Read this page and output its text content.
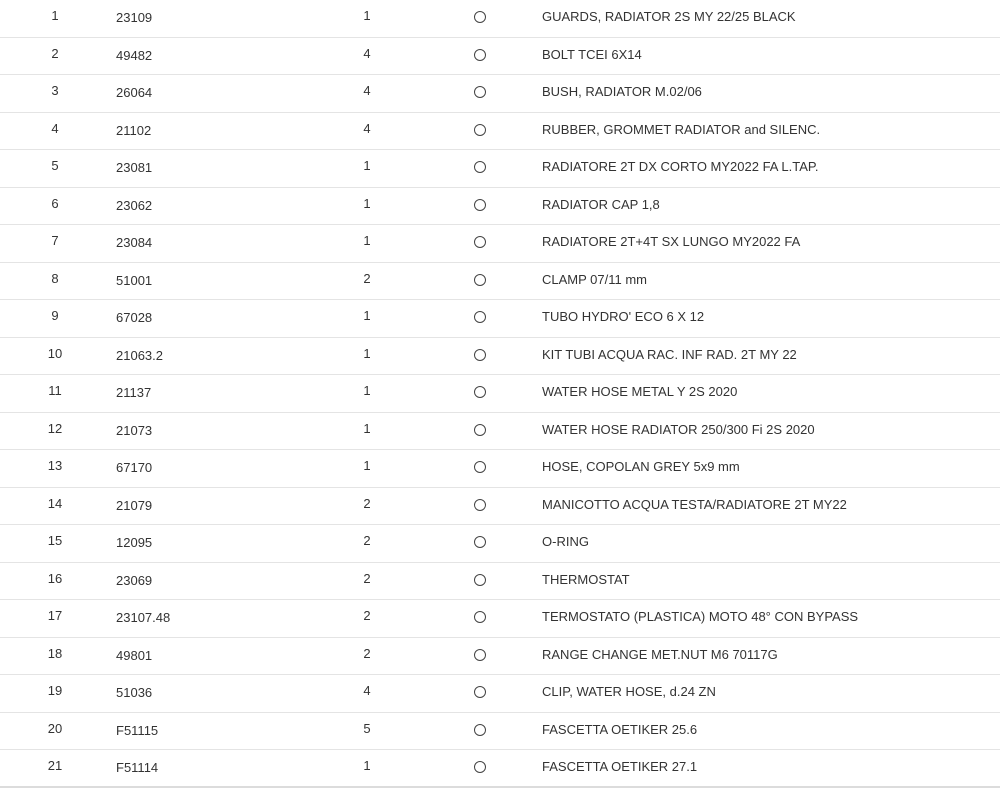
1	23109	1	GUARDS, RADIATOR 2S MY 22/25 BLACK
2	49482	4	BOLT TCEI 6X14
3	26064	4	BUSH, RADIATOR M.02/06
4	21102	4	RUBBER, GROMMET RADIATOR and SILENC.
5	23081	1	RADIATORE 2T DX CORTO MY2022 FA L.TAP.
6	23062	1	RADIATOR CAP 1,8
7	23084	1	RADIATORE 2T+4T SX LUNGO MY2022 FA
8	51001	2	CLAMP 07/11 mm
9	67028	1	TUBO HYDRO' ECO 6 X 12
10	21063.2	1	KIT TUBI ACQUA RAC. INF RAD. 2T MY 22
11	21137	1	WATER HOSE METAL Y 2S 2020
12	21073	1	WATER HOSE RADIATOR 250/300 Fi 2S 2020
13	67170	1	HOSE, COPOLAN GREY 5x9 mm
14	21079	2	MANICOTTO ACQUA TESTA/RADIATORE 2T MY22
15	12095	2	O-RING
16	23069	2	THERMOSTAT
17	23107.48	2	TERMOSTATO (PLASTICA) MOTO 48° CON BYPASS
18	49801	2	RANGE CHANGE MET.NUT M6 70117G
19	51036	4	CLIP, WATER HOSE, d.24 ZN
20	F51115	5	FASCETTA OETIKER 25.6
21	F51114	1	FASCETTA OETIKER 27.1
